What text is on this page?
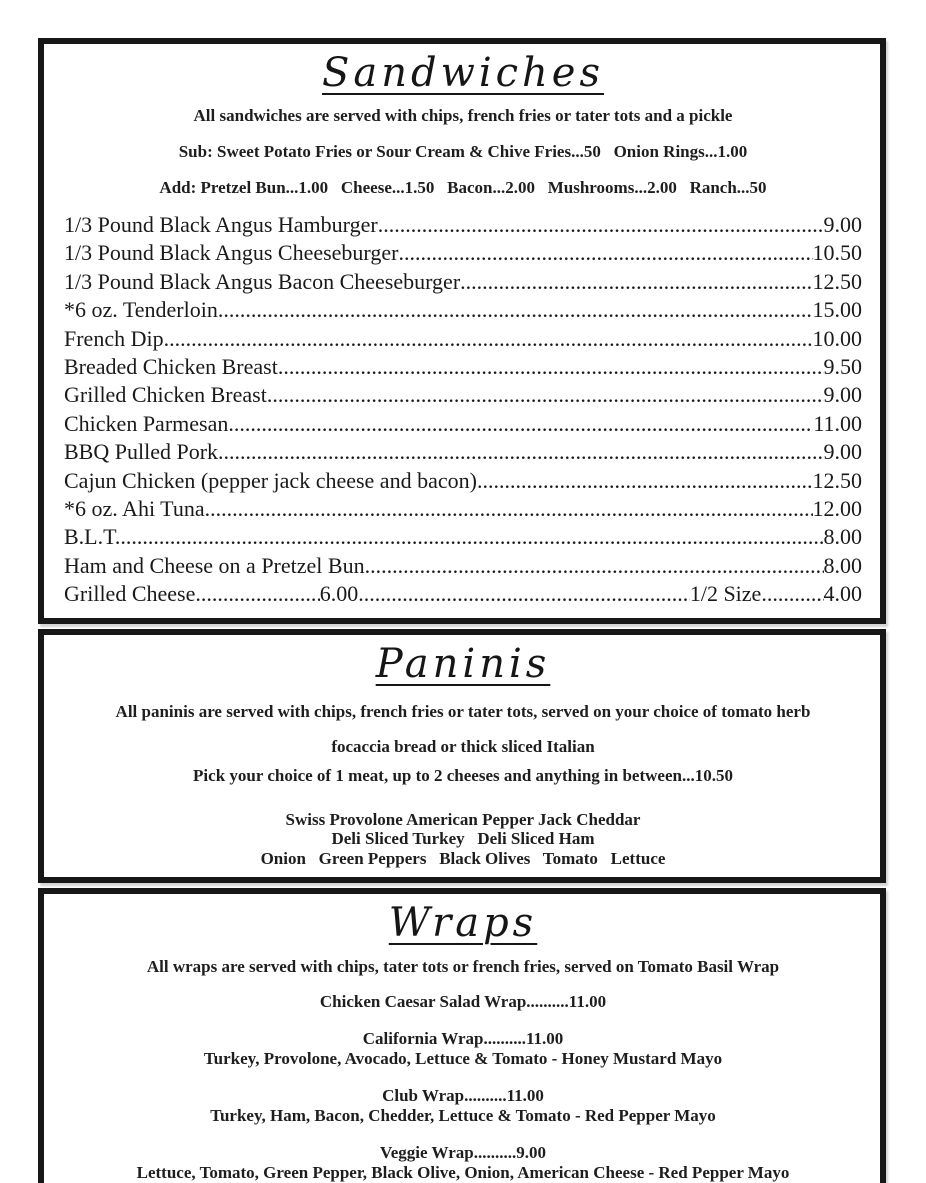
Sandwiches

All sandwiches are served with chips, french fries or tater tots and a pickle

Sub: Sweet Potato Fries or Sour Cream & Chive Fries...50   Onion Rings...1.00

Add: Pretzel Bun...1.00   Cheese...1.50   Bacon...2.00   Mushrooms...2.00   Ranch...50

1/3 Pound Black Angus Hamburger .....	9.00
1/3 Pound Black Angus Cheeseburger .....	10.50
1/3 Pound Black Angus Bacon Cheeseburger .....	12.50
*6 oz. Tenderloin .....	15.00
French Dip .....	10.00
Breaded Chicken Breast .....	9.50
Grilled Chicken Breast .....	9.00
Chicken Parmesan .....	11.00
BBQ Pulled Pork .....	9.00
Cajun Chicken (pepper jack cheese and bacon) .....	12.50
*6 oz. Ahi Tuna .....	12.00
B.L.T. .....	8.00
Ham and Cheese on a Pretzel Bun .....	8.00
Grilled Cheese .....	6.00 .....	1/2 Size .....	4.00
Paninis

All paninis are served with chips, french fries or tater tots, served on your choice of tomato herb

focaccia bread or thick sliced Italian

Pick your choice of 1 meat, up to 2 cheeses and anything in between...10.50

Swiss Provolone American Pepper Jack Cheddar

Deli Sliced Turkey   Deli Sliced Ham

Onion   Green Peppers   Black Olives   Tomato   Lettuce

Wraps

All wraps are served with chips, tater tots or french fries, served on Tomato Basil Wrap

Chicken Caesar Salad Wrap..........11.00

California Wrap..........11.00

Turkey, Provolone, Avocado, Lettuce & Tomato - Honey Mustard Mayo

Club Wrap..........11.00

Turkey, Ham, Bacon, Chedder, Lettuce & Tomato - Red Pepper Mayo

Veggie Wrap..........9.00

Lettuce, Tomato, Green Pepper, Black Olive, Onion, American Cheese - Red Pepper Mayo
